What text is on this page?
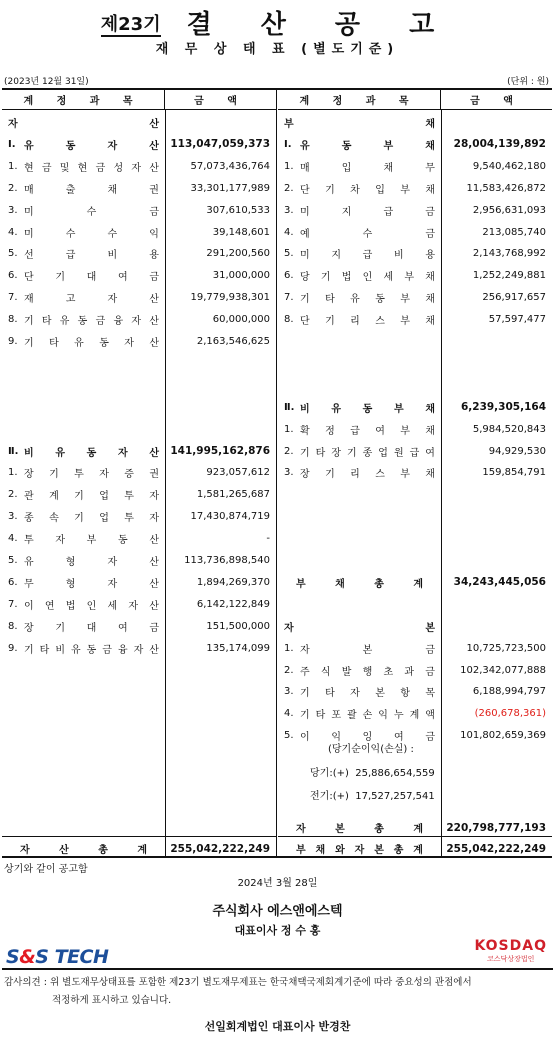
제23기 결 산 공 고
재 무 상 태 표 (별도기준)
(2023년 12월 31일)	(단위 : 원)
계 정 과 목	금 액
자	산
Ⅰ. 유	동	자	산	113,047,059,373
1. 현 금 및 현 금 성 자 산	57,073,436,764
2. 매	출	채	권	33,301,177,989
3. 미	수	금	307,610,533
4. 미	수	수	익	39,148,601
5. 선	급	비	용	291,200,560
6. 단 기 대 여 금	31,000,000
7. 재	고	자	산	19,779,938,301
8. 기 타 유 동 금 융 자 산	60,000,000
9. 기 타 유 동 자 산	2,163,546,625
Ⅱ. 비 유 동 자 산	141,995,162,876
1. 장 기 투 자 증 권	923,057,612
2. 관 계 기 업 투 자	1,581,265,687
3. 종 속 기 업 투 자	17,430,874,719
4. 투 자 부 동 산	-
5. 유	형	자	산	113,736,898,540
6. 무	형	자	산	1,894,269,370
7. 이 연 법 인 세 자 산	6,142,122,849
8. 장 기 대 여 금	151,500,000
9. 기 타 비 유 동 금 융 자 산	135,174,099
자	산	총	계	255,042,222,249
계 정 과 목	금 액
부	채
Ⅰ. 유	동	부	채	28,004,139,892
1. 매	입	채	무	9,540,462,180
2. 단 기 차 입 부 채	11,583,426,872
3. 미	지	급	금	2,956,631,093
4. 예	수	금	213,085,740
5. 미 지 급 비 용	2,143,768,992
6. 당 기 법 인 세 부 채	1,252,249,881
7. 기 타 유 동 부 채	256,917,657
8. 단 기 리 스 부 채	57,597,477
Ⅱ. 비 유 동 부 채	6,239,305,164
1. 확 정 급 여 부 채	5,984,520,843
2. 기 타 장 기 종 업 원 급 여	94,929,530
3. 장 기 리 스 부 채	159,854,791
부	채	총	계	34,243,445,056
자	본
1. 자	본	금	10,725,723,500
2. 주 식 발 행 초 과 금	102,342,077,888
3. 기 타 자 본 항 목	6,188,994,797
4. 기 타 포 괄 손 익 누 계 액	(260,678,361)
5. 이 익 잉 여 금	101,802,659,369
자	본	총	계	220,798,777,193
부 채 와 자 본 총 계	255,042,222,249
(당기순이익(손실) :
당기:(+) 25,886,654,559
전기:(+) 17,527,257,541
상기와 같이 공고함
2024년 3월 28일
주식회사 에스앤에스텍
대표이사 정 수 홍
S&S TECH	KOSDAQ
코스닥상장법인
감사의견 : 위 별도재무상태표를 포함한 제23기 별도재무제표는 한국채택국제회계기준에 따라 중요성의 관점에서
적정하게 표시하고 있습니다.
선일회계법인 대표이사 반경찬
